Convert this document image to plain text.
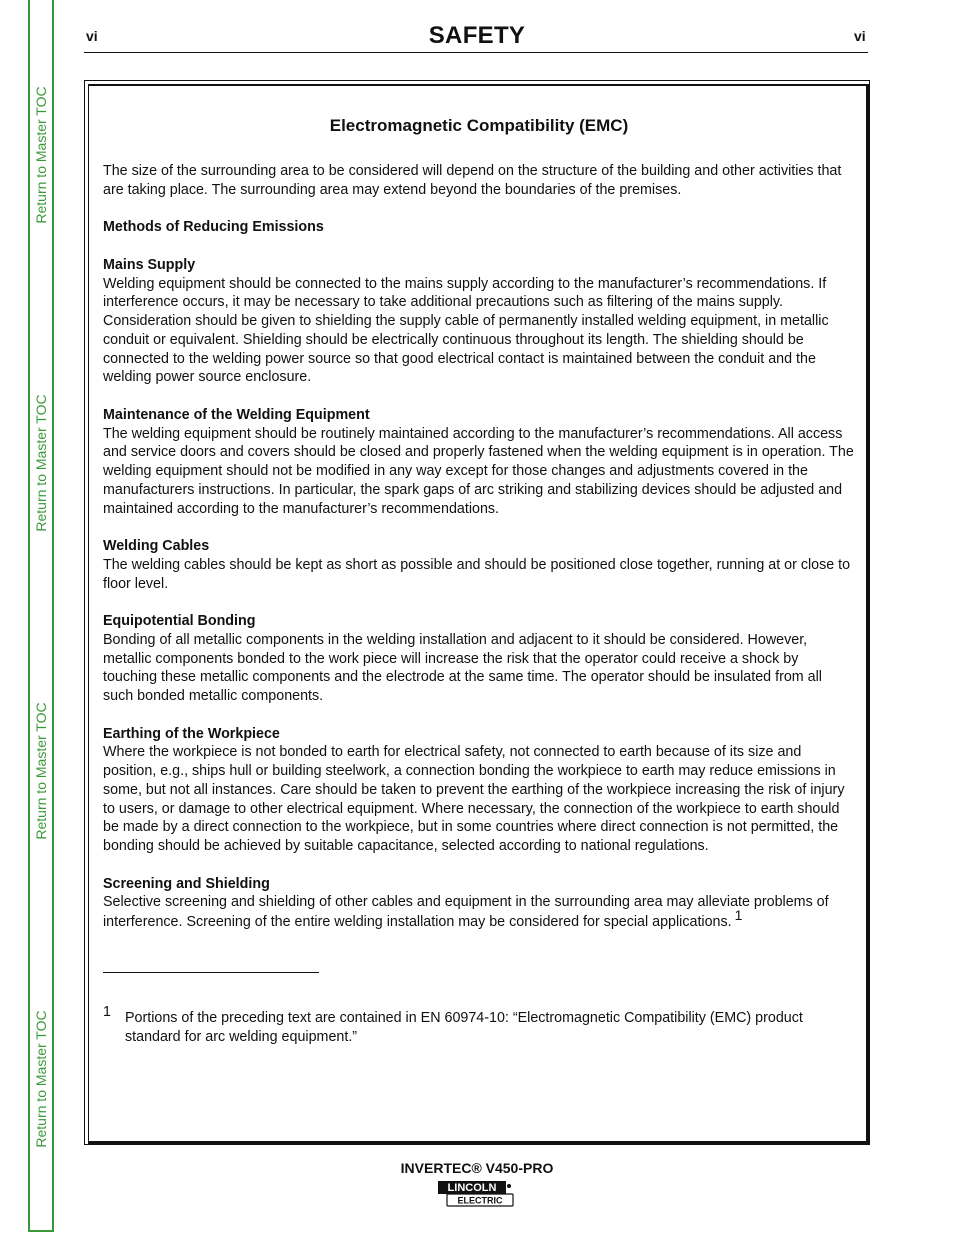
Return to Master TOC
Return to Master TOC
Return to Master TOC
Return to Master TOC
vi	SAFETY	vi
Electromagnetic Compatibility (EMC)

The size of the surrounding area to be considered will depend on the structure of the building and other activities that are taking place. The surrounding area may extend beyond the boundaries of the premises.

Methods of Reducing Emissions

Mains Supply

Welding equipment should be connected to the mains supply according to the manufacturer’s recommendations. If interference occurs, it may be necessary to take additional precautions such as filtering of the mains supply. Consideration should be given to shielding the supply cable of permanently installed welding equipment, in metallic conduit or equivalent. Shielding should be electrically continuous throughout its length. The shielding should be connected to the welding power source so that good electrical contact is maintained between the conduit and the welding power source enclosure.

Maintenance of the Welding Equipment

The welding equipment should be routinely maintained according to the manufacturer’s recommendations. All access and service doors and covers should be closed and properly fastened when the welding equipment is in operation. The welding equipment should not be modified in any way except for those changes and adjustments covered in the manufacturers instructions. In particular, the spark gaps of arc striking and stabilizing devices should be adjusted and maintained according to the manufacturer’s recommendations.

Welding Cables

The welding cables should be kept as short as possible and should be positioned close together, running at or close to floor level.

Equipotential Bonding

Bonding of all metallic components in the welding installation and adjacent to it should be considered. However, metallic components bonded to the work piece will increase the risk that the operator could receive a shock by touching these metallic components and the electrode at the same time. The operator should be insulated from all such bonded metallic components.

Earthing of the Workpiece

Where the workpiece is not bonded to earth for electrical safety, not connected to earth because of its size and position, e.g., ships hull or building steelwork, a connection bonding the workpiece to earth may reduce emissions in some, but not all instances. Care should be taken to prevent the earthing of the workpiece increasing the risk of injury to users, or damage to other electrical equipment. Where necessary, the connection of the workpiece to earth should be made by a direct connection to the workpiece, but in some countries where direct connection is not permitted, the bonding should be achieved by suitable capacitance, selected according to national regulations.

Screening and Shielding

Selective screening and shielding of other cables and equipment in the surrounding area may alleviate problems of interference. Screening of the entire welding installation may be considered for special applications. 1

1 Portions of the preceding text are contained in EN 60974-10: “Electromagnetic Compatibility (EMC) product standard for arc welding equipment.”
INVERTEC® V450-PRO
LINCOLN
ELECTRIC
